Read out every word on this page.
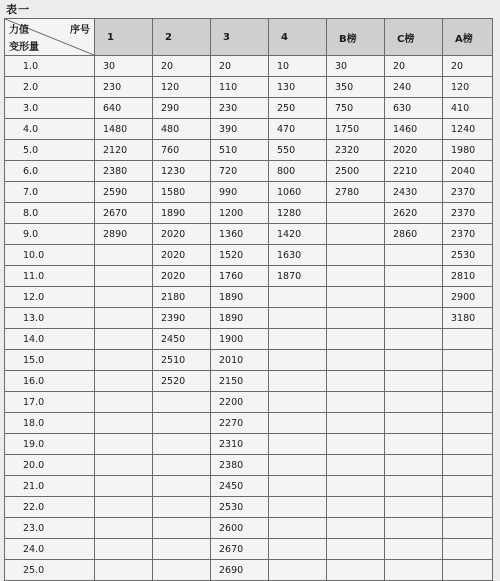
表一
力值 序号
变形量	1	2	3	4	B榜	C榜	A榜
1.0	30	20	20	10	30	20	20
2.0	230	120	110	130	350	240	120
3.0	640	290	230	250	750	630	410
4.0	1480	480	390	470	1750	1460	1240
5.0	2120	760	510	550	2320	2020	1980
6.0	2380	1230	720	800	2500	2210	2040
7.0	2590	1580	990	1060	2780	2430	2370
8.0	2670	1890	1200	1280		2620	2370
9.0	2890	2020	1360	1420		2860	2370
10.0		2020	1520	1630			2530
11.0		2020	1760	1870			2810
12.0		2180	1890				2900
13.0		2390	1890				3180
14.0		2450	1900				
15.0		2510	2010				
16.0		2520	2150				
17.0			2200				
18.0			2270				
19.0			2310				
20.0			2380				
21.0			2450				
22.0			2530				
23.0			2600				
24.0			2670				
25.0			2690				
